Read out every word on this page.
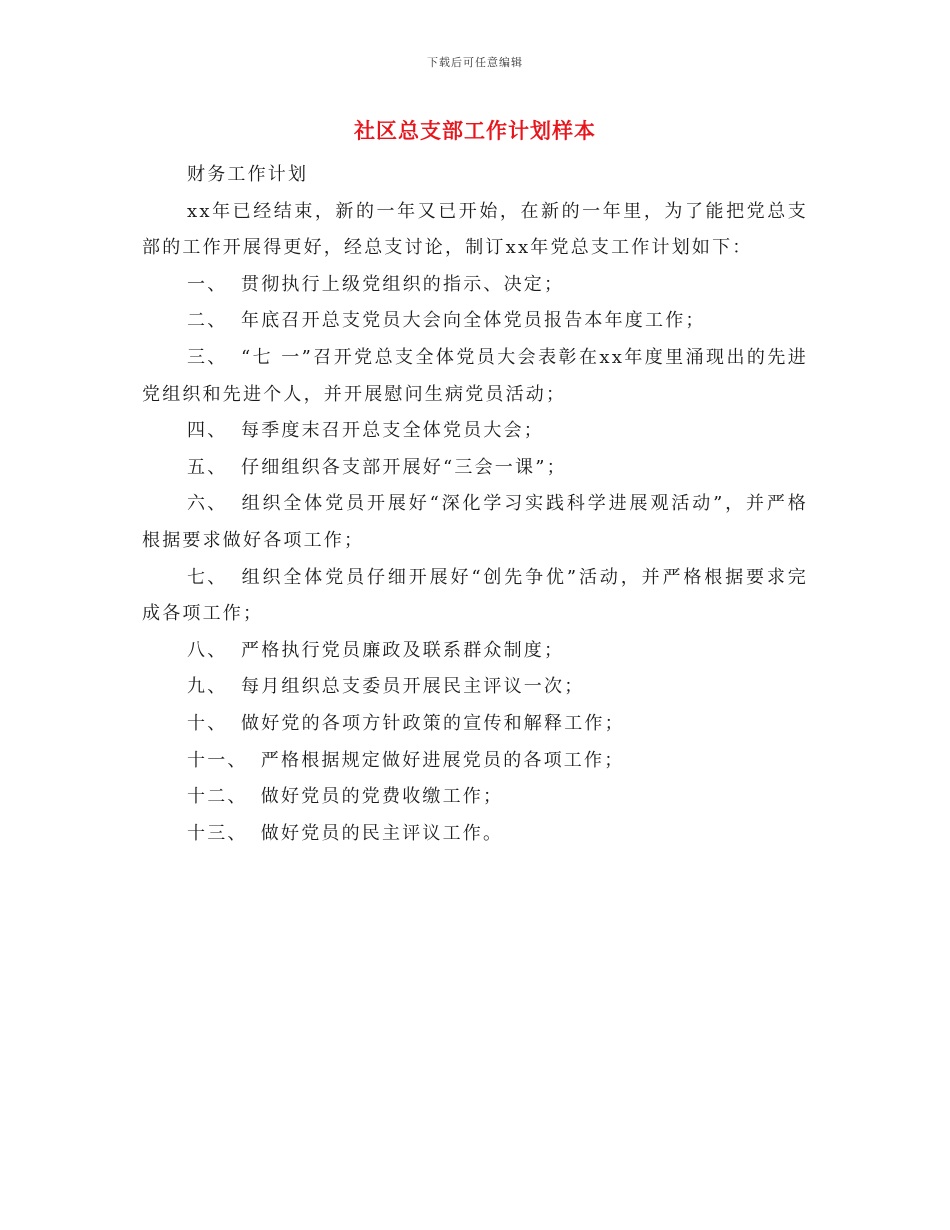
下载后可任意编辑
社区总支部工作计划样本

财务工作计划

xx年已经结束，新的一年又已开始，在新的一年里，为了能把党总支部的工作开展得更好，经总支讨论，制订xx年党总支工作计划如下：

一、 贯彻执行上级党组织的指示、决定；

二、 年底召开总支党员大会向全体党员报告本年度工作；

三、 “七 一”召开党总支全体党员大会表彰在xx年度里涌现出的先进党组织和先进个人，并开展慰问生病党员活动；

四、 每季度末召开总支全体党员大会；

五、 仔细组织各支部开展好“三会一课”；

六、 组织全体党员开展好“深化学习实践科学进展观活动”，并严格根据要求做好各项工作；

七、 组织全体党员仔细开展好“创先争优”活动，并严格根据要求完成各项工作；

八、 严格执行党员廉政及联系群众制度；

九、 每月组织总支委员开展民主评议一次；

十、 做好党的各项方针政策的宣传和解释工作；

十一、 严格根据规定做好进展党员的各项工作；

十二、 做好党员的党费收缴工作；

十三、 做好党员的民主评议工作。
